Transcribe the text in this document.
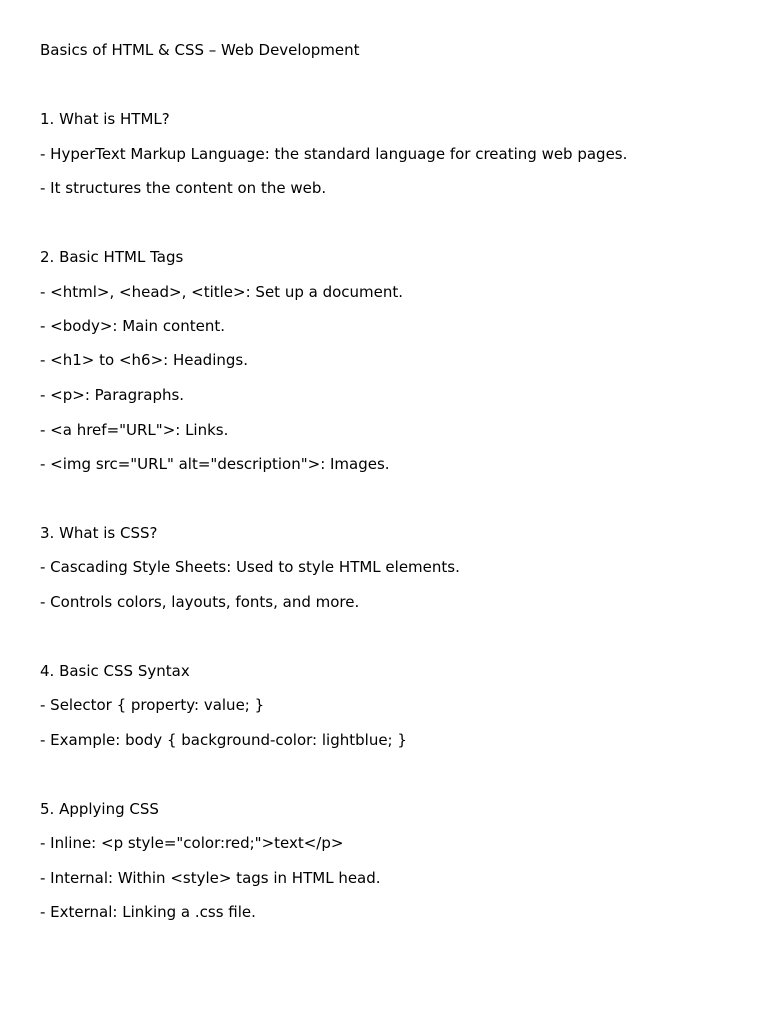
Basics of HTML & CSS – Web Development
1. What is HTML?
- HyperText Markup Language: the standard language for creating web pages.
- It structures the content on the web.
2. Basic HTML Tags
- <html>, <head>, <title>: Set up a document.
- <body>: Main content.
- <h1> to <h6>: Headings.
- <p>: Paragraphs.
- <a href="URL">: Links.
- <img src="URL" alt="description">: Images.
3. What is CSS?
- Cascading Style Sheets: Used to style HTML elements.
- Controls colors, layouts, fonts, and more.
4. Basic CSS Syntax
- Selector { property: value; }
- Example: body { background-color: lightblue; }
5. Applying CSS
- Inline: <p style="color:red;">text</p>
- Internal: Within <style> tags in HTML head.
- External: Linking a .css file.
